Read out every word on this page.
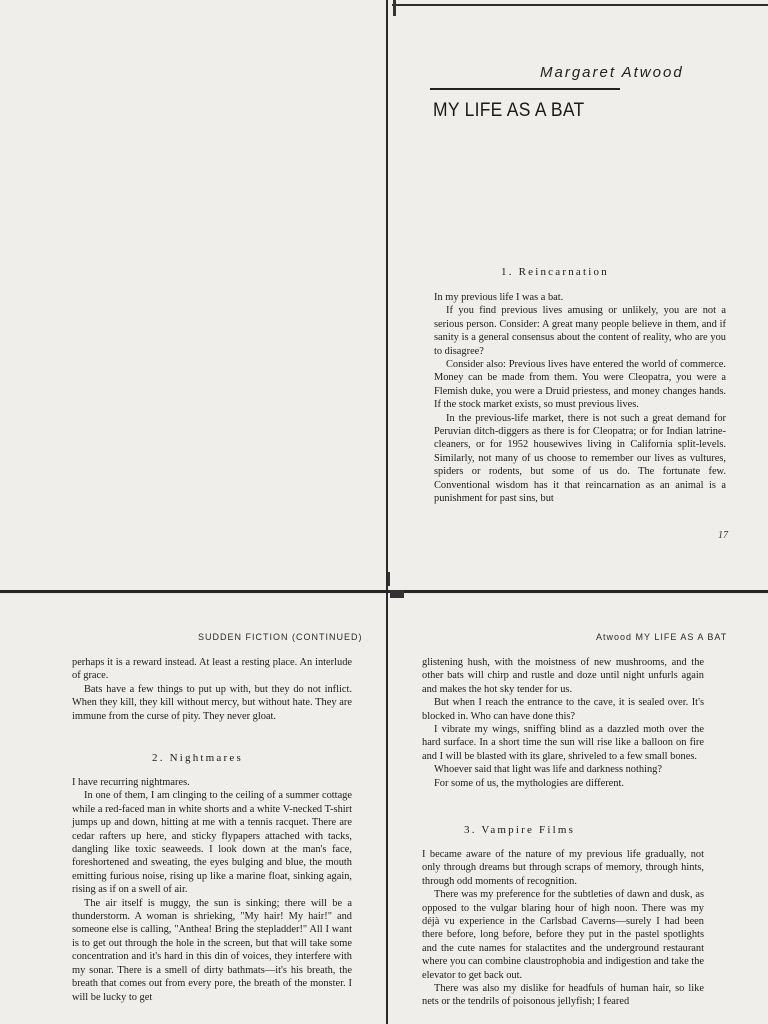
Margaret Atwood
MY LIFE AS A BAT
1. Reincarnation

In my previous life I was a bat.

If you find previous lives amusing or unlikely, you are not a serious person. Consider: A great many people believe in them, and if sanity is a general consensus about the content of reality, who are you to disagree?

Consider also: Previous lives have entered the world of commerce. Money can be made from them. You were Cleopatra, you were a Flemish duke, you were a Druid priestess, and money changes hands. If the stock market exists, so must previous lives.

In the previous-life market, there is not such a great demand for Peruvian ditch-diggers as there is for Cleopatra; or for Indian latrine-cleaners, or for 1952 housewives living in California split-levels. Similarly, not many of us choose to remember our lives as vultures, spiders or rodents, but some of us do. The fortunate few. Conventional wisdom has it that reincarnation as an animal is a punishment for past sins, but

17
SUDDEN FICTION (CONTINUED)

perhaps it is a reward instead. At least a resting place. An interlude of grace.

Bats have a few things to put up with, but they do not inflict. When they kill, they kill without mercy, but without hate. They are immune from the curse of pity. They never gloat.

2. Nightmares

I have recurring nightmares.

In one of them, I am clinging to the ceiling of a summer cottage while a red-faced man in white shorts and a white V-necked T-shirt jumps up and down, hitting at me with a tennis racquet. There are cedar rafters up here, and sticky flypapers attached with tacks, dangling like toxic seaweeds. I look down at the man's face, foreshortened and sweating, the eyes bulging and blue, the mouth emitting furious noise, rising up like a marine float, sinking again, rising as if on a swell of air.

The air itself is muggy, the sun is sinking; there will be a thunderstorm. A woman is shrieking, "My hair! My hair!" and someone else is calling, "Anthea! Bring the stepladder!" All I want is to get out through the hole in the screen, but that will take some concentration and it's hard in this din of voices, they interfere with my sonar. There is a smell of dirty bathmats—it's his breath, the breath that comes out from every pore, the breath of the monster. I will be lucky to get

Atwood MY LIFE AS A BAT

glistening hush, with the moistness of new mushrooms, and the other bats will chirp and rustle and doze until night unfurls again and makes the hot sky tender for us.

But when I reach the entrance to the cave, it is sealed over. It's blocked in. Who can have done this?

I vibrate my wings, sniffing blind as a dazzled moth over the hard surface. In a short time the sun will rise like a balloon on fire and I will be blasted with its glare, shriveled to a few small bones.

Whoever said that light was life and darkness nothing?

For some of us, the mythologies are different.

3. Vampire Films

I became aware of the nature of my previous life gradually, not only through dreams but through scraps of memory, through hints, through odd moments of recognition.

There was my preference for the subtleties of dawn and dusk, as opposed to the vulgar blaring hour of high noon. There was my déjà vu experience in the Carlsbad Caverns—surely I had been there before, long before, before they put in the pastel spotlights and the cute names for stalactites and the underground restaurant where you can combine claustrophobia and indigestion and take the elevator to get back out.

There was also my dislike for headfuls of human hair, so like nets or the tendrils of poisonous jellyfish; I feared
